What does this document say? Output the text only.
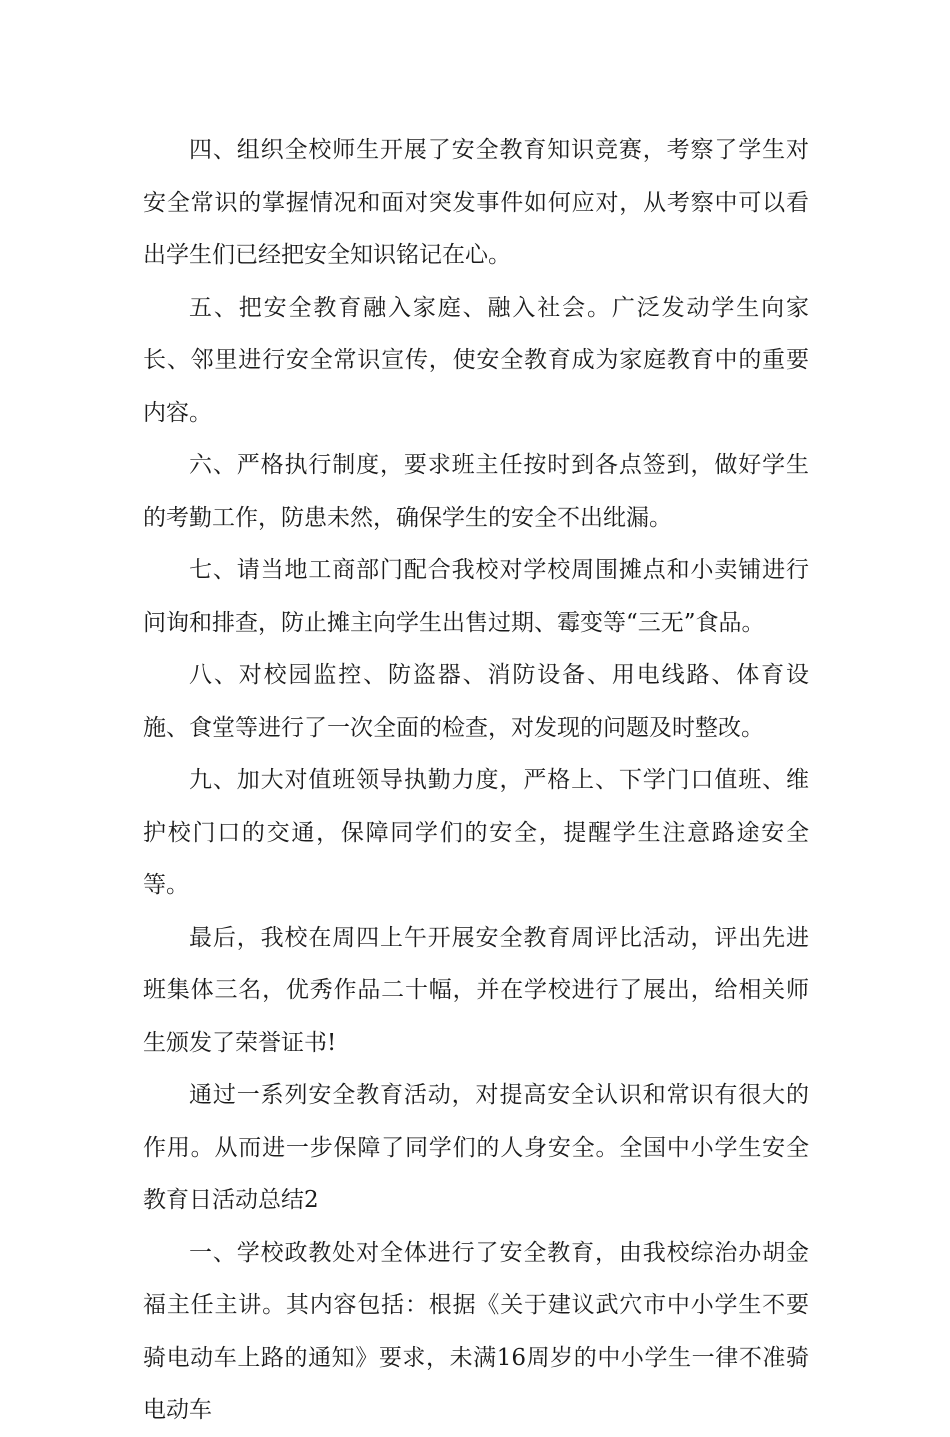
四、组织全校师生开展了安全教育知识竞赛，考察了学生对安全常识的掌握情况和面对突发事件如何应对，从考察中可以看出学生们已经把安全知识铭记在心。

五、把安全教育融入家庭、融入社会。广泛发动学生向家长、邻里进行安全常识宣传，使安全教育成为家庭教育中的重要内容。

六、严格执行制度，要求班主任按时到各点签到，做好学生的考勤工作，防患未然，确保学生的安全不出纰漏。

七、请当地工商部门配合我校对学校周围摊点和小卖铺进行问询和排查，防止摊主向学生出售过期、霉变等“三无”食品。

八、对校园监控、防盗器、消防设备、用电线路、体育设施、食堂等进行了一次全面的检查，对发现的问题及时整改。

九、加大对值班领导执勤力度，严格上、下学门口值班、维护校门口的交通，保障同学们的安全，提醒学生注意路途安全等。

最后，我校在周四上午开展安全教育周评比活动，评出先进班集体三名，优秀作品二十幅，并在学校进行了展出，给相关师生颁发了荣誉证书!

通过一系列安全教育活动，对提高安全认识和常识有很大的作用。从而进一步保障了同学们的人身安全。全国中小学生安全教育日活动总结2

一、学校政教处对全体进行了安全教育，由我校综治办胡金福主任主讲。其内容包括：根据《关于建议武穴市中小学生不要骑电动车上路的通知》要求，未满16周岁的中小学生一律不准骑电动车
